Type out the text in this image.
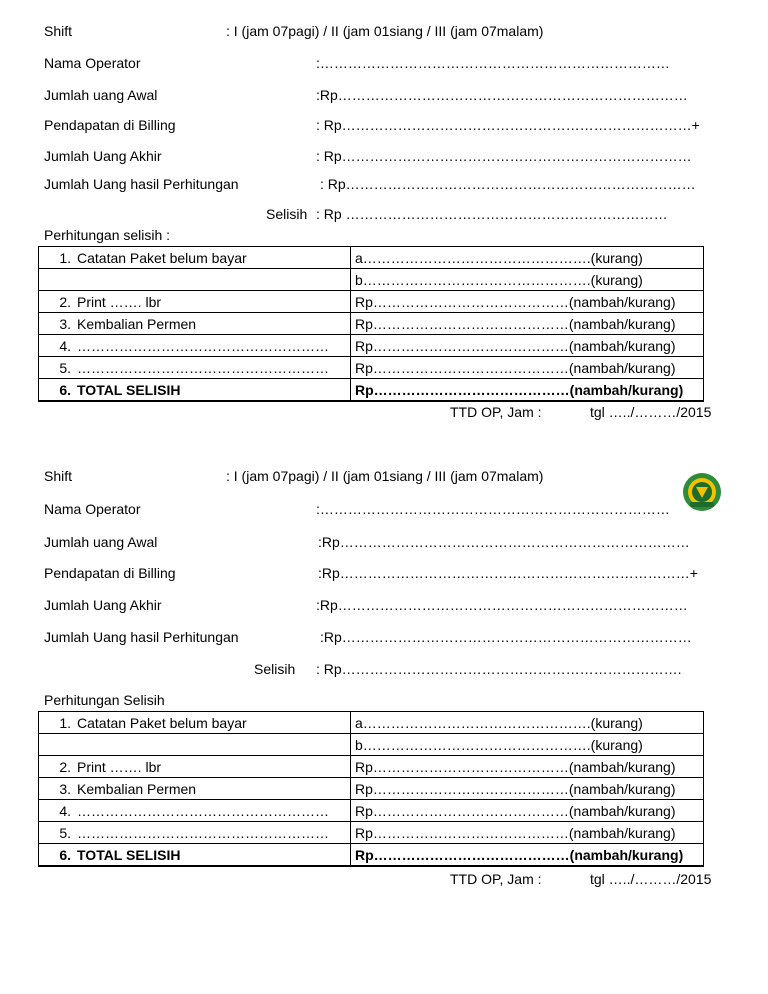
Shift	: I (jam 07pagi) / II (jam 01siang / III (jam 07malam)
Nama Operator	:…………………………………………………………………
Jumlah uang Awal	:Rp…………………………………………………………………
Pendapatan di Billing	: Rp…………………………………………………………………+
Jumlah Uang Akhir	: Rp…………………………………………………………………
Jumlah Uang hasil Perhitungan	: Rp…………………………………………………………………
Selisih : Rp ……………………………………………………………
Perhitungan selisih :
1. Catatan Paket belum bayar	a………………………………………….(kurang)
	b………………………………………….(kurang)
2. Print ……. lbr	Rp……………………………………(nambah/kurang)
3. Kembalian Permen	Rp……………………………………(nambah/kurang)
4. ………………………………………………	Rp……………………………………(nambah/kurang)
5. ………………………………………………	Rp……………………………………(nambah/kurang)
6. TOTAL SELISIH	Rp……………………………………(nambah/kurang)
TTD OP, Jam :	tgl …../………/2015
Shift	: I (jam 07pagi) / II (jam 01siang / III (jam 07malam)
Nama Operator	:…………………………………………………………………
Jumlah uang Awal	:Rp…………………………………………………………………
Pendapatan di Billing	:Rp…………………………………………………………………+
Jumlah Uang Akhir	:Rp…………………………………………………………………
Jumlah Uang hasil Perhitungan	:Rp…………………………………………………………………
Selisih : Rp……………………………………………………………….
Perhitungan Selisih
1. Catatan Paket belum bayar	a………………………………………….(kurang)
	b………………………………………….(kurang)
2. Print ……. lbr	Rp……………………………………(nambah/kurang)
3. Kembalian Permen	Rp……………………………………(nambah/kurang)
4. ………………………………………………	Rp……………………………………(nambah/kurang)
5. ………………………………………………	Rp……………………………………(nambah/kurang)
6. TOTAL SELISIH	Rp……………………………………(nambah/kurang)
TTD OP, Jam :	tgl …../………/2015
